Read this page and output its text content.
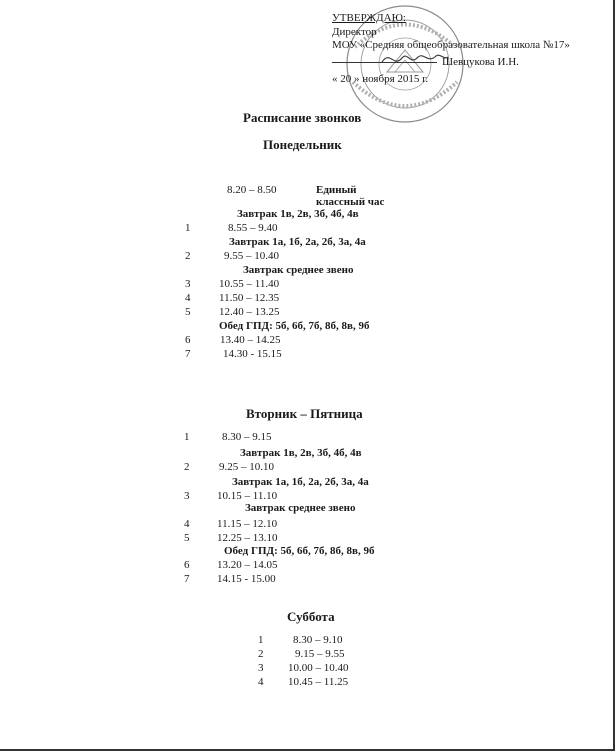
УТВЕРЖДАЮ:
Директор
МОУ «Средняя общеобразовательная школа №17»
Шевцукова И.Н.
« 20 » ноября 2015 г.
Расписание звонков
Понедельник
8.20 – 8.50	Единый
классный час
Завтрак 1в, 2в, 3б, 4б, 4в
1	8.55 – 9.40
Завтрак 1а, 1б, 2а, 2б, 3а, 4а
2	9.55 – 10.40
Завтрак среднее звено
3	10.55 – 11.40
4	11.50 – 12.35
5	12.40 – 13.25
Обед ГПД: 5б, 6б, 7б, 8б, 8в, 9б
6	13.40 – 14.25
7	14.30 - 15.15
Вторник – Пятница
1	8.30 – 9.15
Завтрак 1в, 2в, 3б, 4б, 4в
2	9.25 – 10.10
Завтрак 1а, 1б, 2а, 2б, 3а, 4а
3	10.15 – 11.10
Завтрак среднее звено
4	11.15 – 12.10
5	12.25 – 13.10
Обед ГПД: 5б, 6б, 7б, 8б, 8в, 9б
6	13.20 – 14.05
7	14.15 - 15.00
Суббота
1	8.30 – 9.10
2	9.15 – 9.55
3 10.00 – 10.40
4 10.45 – 11.25
